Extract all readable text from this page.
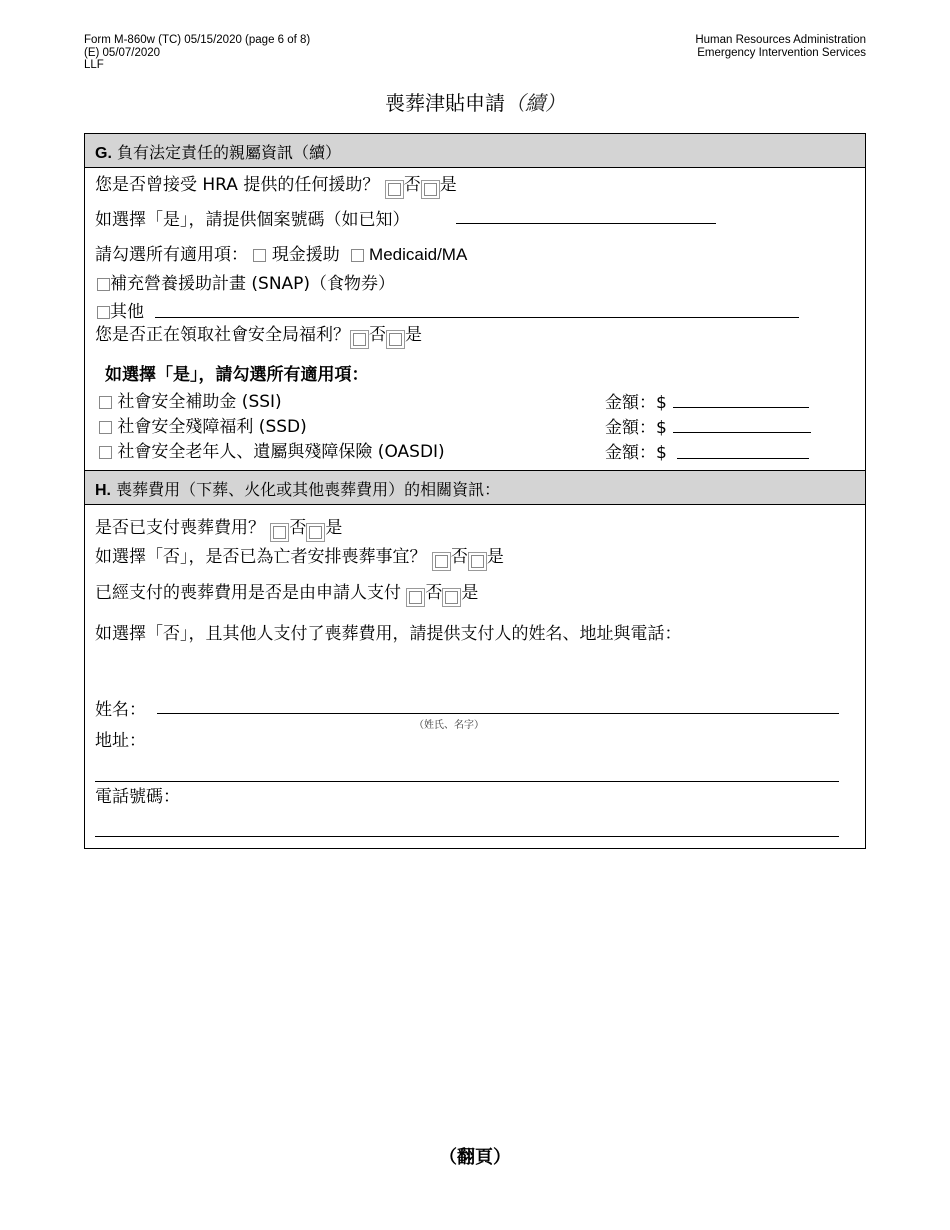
Form M-860w (TC) 05/15/2020 (page 6 of 8)
(E) 05/07/2020
LLF
Human Resources Administration
Emergency Intervention Services
喪葬津貼申請（續）
G. 負有法定責任的親屬資訊（續）
您是否曾接受 HRA 提供的任何援助？ 否 是
如選擇「是」，請提供個案號碼（如已知）
請勾選所有適用項： 現金援助 Medicaid/MA
補充營養援助計畫 (SNAP)（食物券）
其他
您是否正在領取社會安全局福利？ 否 是
如選擇「是」，請勾選所有適用項：
社會安全補助金 (SSI)	金額：$
社會安全殘障福利 (SSD)	金額：$
社會安全老年人、遺屬與殘障保險 (OASDI)	金額：$
H. 喪葬費用（下葬、火化或其他喪葬費用）的相關資訊：
是否已支付喪葬費用？ 否 是
如選擇「否」，是否已為亡者安排喪葬事宜？ 否 是
已經支付的喪葬費用是否是由申請人支付 否 是
如選擇「否」，且其他人支付了喪葬費用，請提供支付人的姓名、地址與電話：
姓名：
（姓氏、名字）
地址：
電話號碼：
（翻頁）
